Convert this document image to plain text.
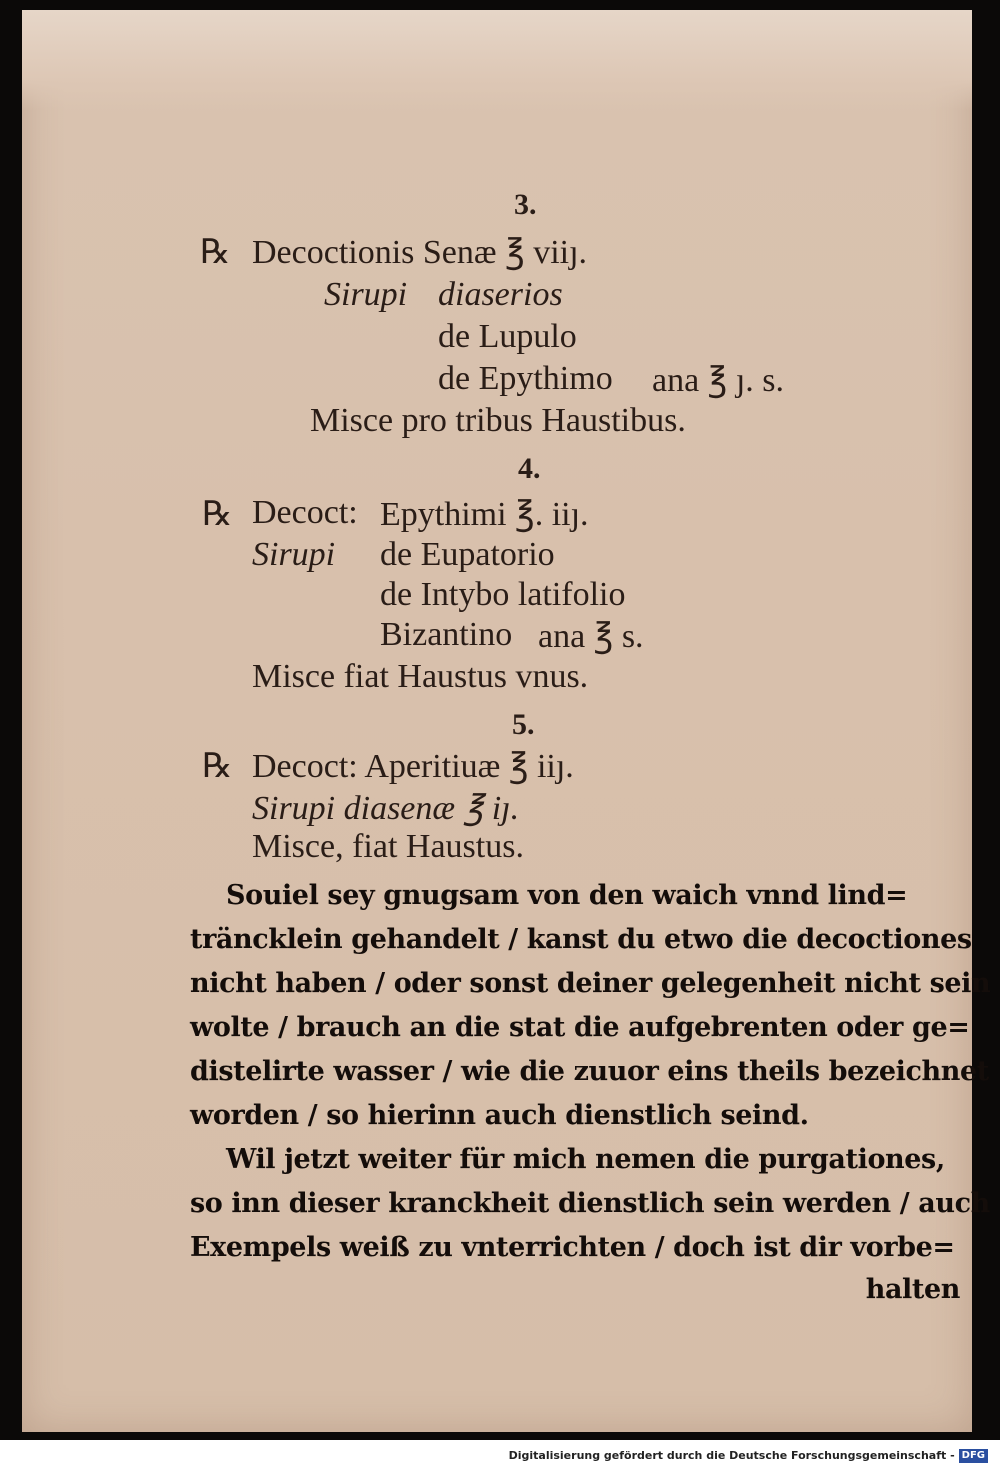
3.
℞ Decoctionis Senæ ℥ viiȷ.
Sirupi diaserios
de Lupulo
de Epythimo ana ℥ ȷ. s.
Misce pro tribus Haustibus.
4.
℞ Decoct: Epythimi ℥. iiȷ.
Sirupi de Eupatorio
de Intybo latifolio
Bizantino ana ℥ s.
Misce fiat Haustus vnus.
5.
℞ Decoct: Aperitiuæ ℥ iiȷ.
Sirupi diasenæ ℥ iȷ.
Misce, fiat Haustus.
Souiel sey gnugsam von den waich vnnd lind=
träncklein gehandelt / kanst du etwo die decoctiones
nicht haben / oder sonst deiner gelegenheit nicht sein
wolte / brauch an die stat die aufgebrenten oder ge=
distelirte wasser / wie die zuuor eins theils bezeichnet
worden / so hierinn auch dienstlich seind.
Wil jetzt weiter für mich nemen die purgationes,
so inn dieser kranckheit dienstlich sein werden / auch
Exempels weiß zu vnterrichten / doch ist dir vorbe=
halten
Digitalisierung gefördert durch die Deutsche Forschungsgemeinschaft - DFG
